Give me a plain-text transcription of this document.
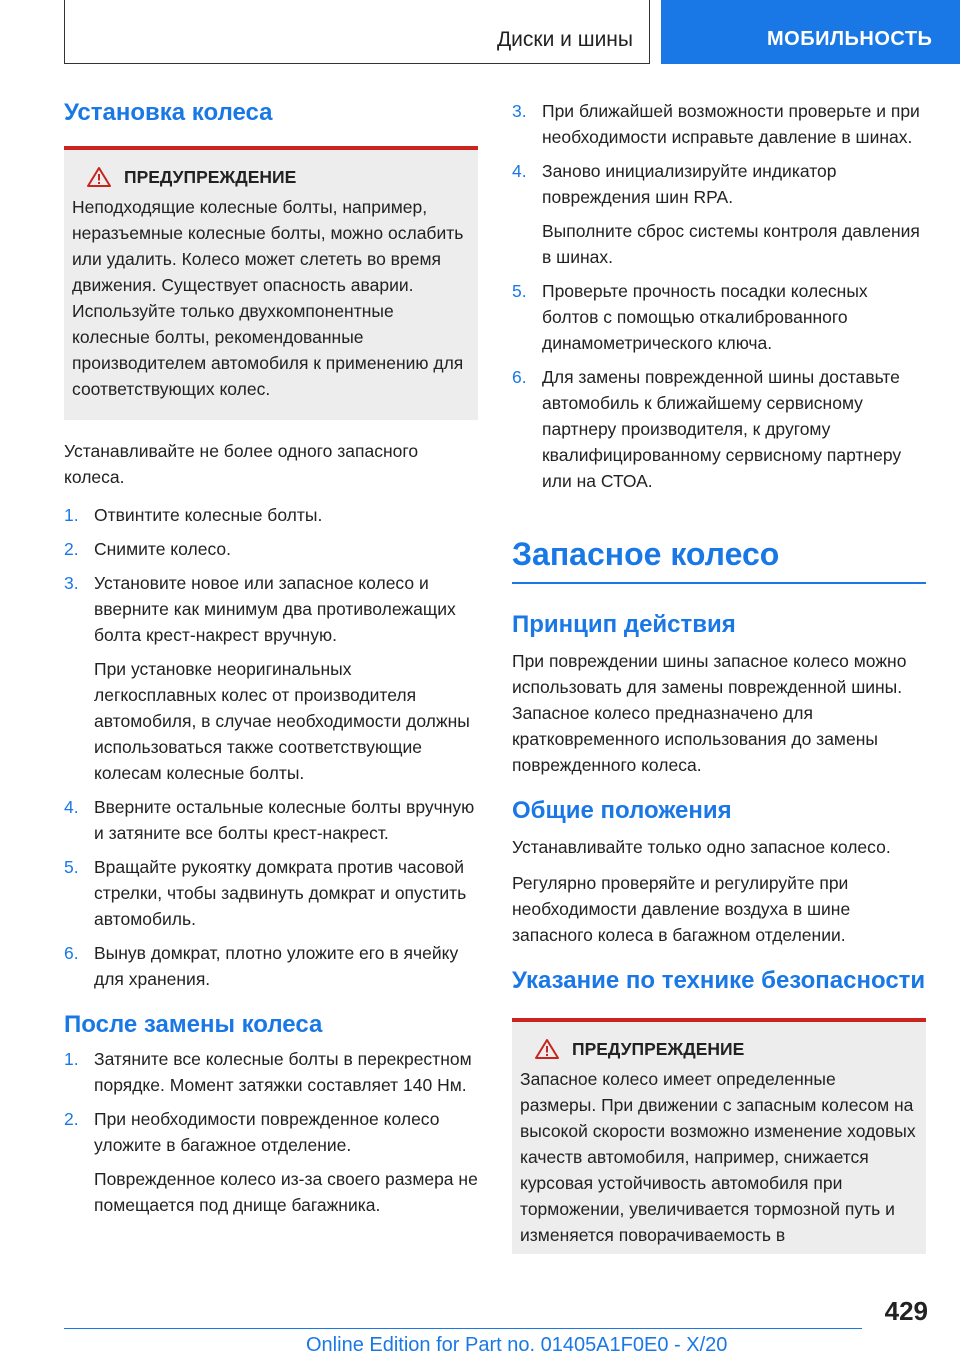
Диски и шины	МОБИЛЬНОСТЬ
Установка колеса
ПРЕДУПРЕЖДЕНИЕ

Неподходящие колесные болты, например, неразъемные колесные болты, можно ослабить или удалить. Колесо может слететь во время движения. Существует опасность аварии. Используйте только двухкомпонентные колесные болты, рекомендованные производителем автомобиля к применению для соответствующих колес.

Устанавливайте не более одного запасного колеса.

1. Отвинтите колесные болты.
2. Снимите колесо.
3. Установите новое или запасное колесо и вверните как минимум два противолежащих болта крест-накрест вручную.

При установке неоригинальных легкосплавных колес от производителя автомобиля, в случае необходимости должны использоваться также соответствующие колесам колесные болты.

4. Вверните остальные колесные болты вручную и затяните все болты крест-накрест.
5. Вращайте рукоятку домкрата против часовой стрелки, чтобы задвинуть домкрат и опустить автомобиль.
6. Вынув домкрат, плотно уложите его в ячейку для хранения.
После замены колеса
1. Затяните все колесные болты в перекрестном порядке. Момент затяжки составляет 140 Нм.
2. При необходимости поврежденное колесо уложите в багажное отделение.

Поврежденное колесо из-за своего размера не помещается под днище багажника.

3. При ближайшей возможности проверьте и при необходимости исправьте давление в шинах.
4. Заново инициализируйте индикатор повреждения шин RPA.

Выполните сброс системы контроля давления в шинах.

5. Проверьте прочность посадки колесных болтов с помощью откалиброванного динамометрического ключа.
6. Для замены поврежденной шины доставьте автомобиль к ближайшему сервисному партнеру производителя, к другому квалифицированному сервисному партнеру или на СТОА.
Запасное колесо
Принцип действия

При повреждении шины запасное колесо можно использовать для замены поврежденной шины. Запасное колесо предназначено для кратковременного использования до замены поврежденного колеса.

Общие положения

Устанавливайте только одно запасное колесо.

Регулярно проверяйте и регулируйте при необходимости давление воздуха в шине запасного колеса в багажном отделении.

Указание по технике безопасности
ПРЕДУПРЕЖДЕНИЕ

Запасное колесо имеет определенные размеры. При движении с запасным колесом на высокой скорости возможно изменение ходовых качеств автомобиля, например, снижается курсовая устойчивость автомобиля при торможении, увеличивается тормозной путь и изменяется поворачиваемость в

429
Online Edition for Part no. 01405A1F0E0 - X/20
